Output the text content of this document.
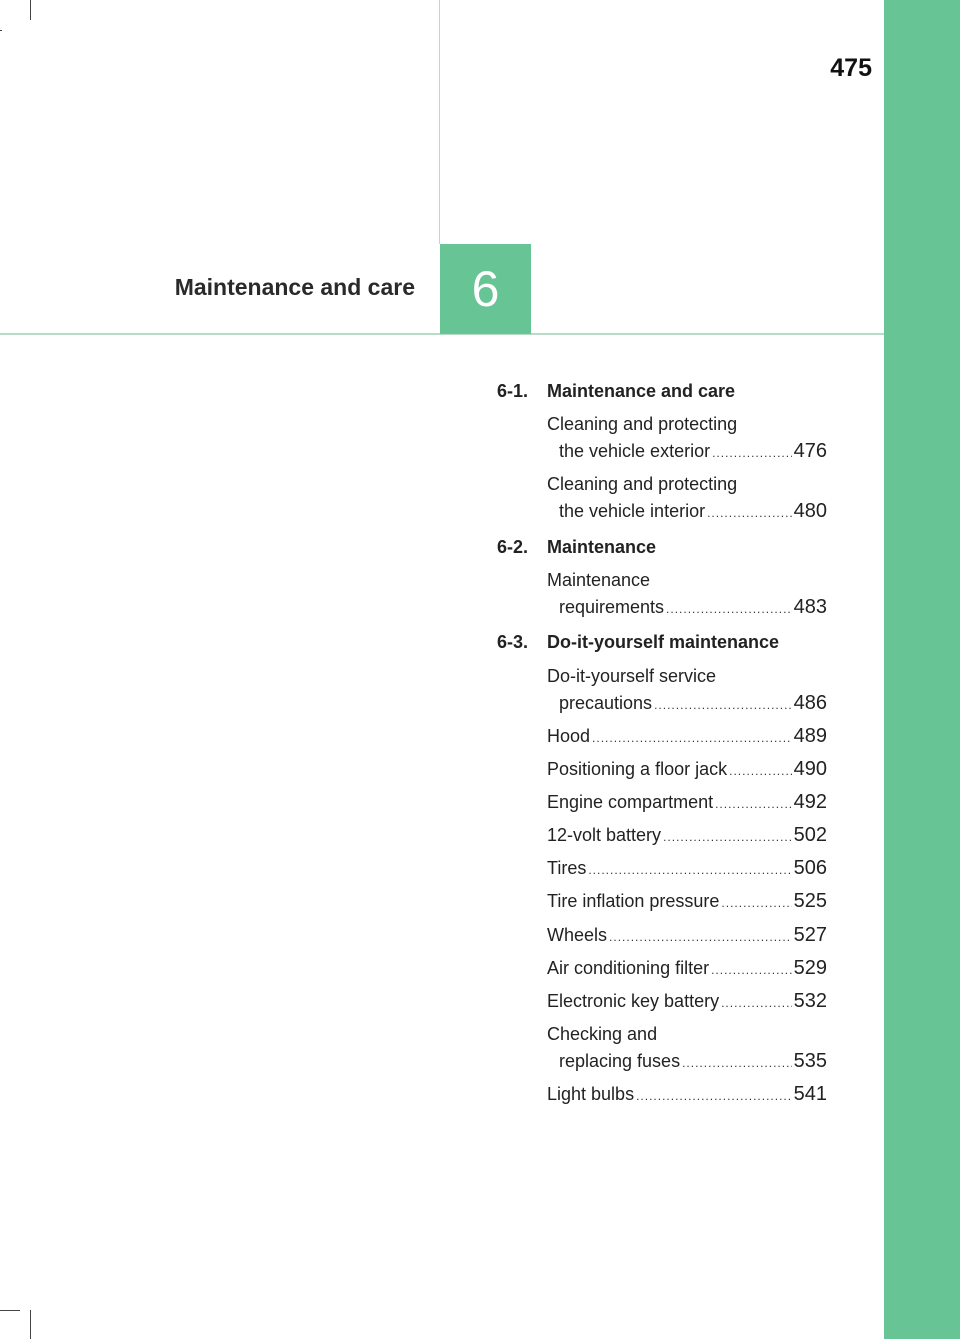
475
Maintenance and care	6
6-1. Maintenance and care
Cleaning and protecting
the vehicle exterior .....	476
Cleaning and protecting
the vehicle interior .....	480
6-2. Maintenance
Maintenance
requirements .....	483
6-3. Do-it-yourself maintenance
Do-it-yourself service
precautions .....	486
Hood .....	489
Positioning a floor jack .....	490
Engine compartment .....	492
12-volt battery .....	502
Tires .....	506
Tire inflation pressure .....	525
Wheels .....	527
Air conditioning filter .....	529
Electronic key battery .....	532
Checking and
replacing fuses .....	535
Light bulbs .....	541
